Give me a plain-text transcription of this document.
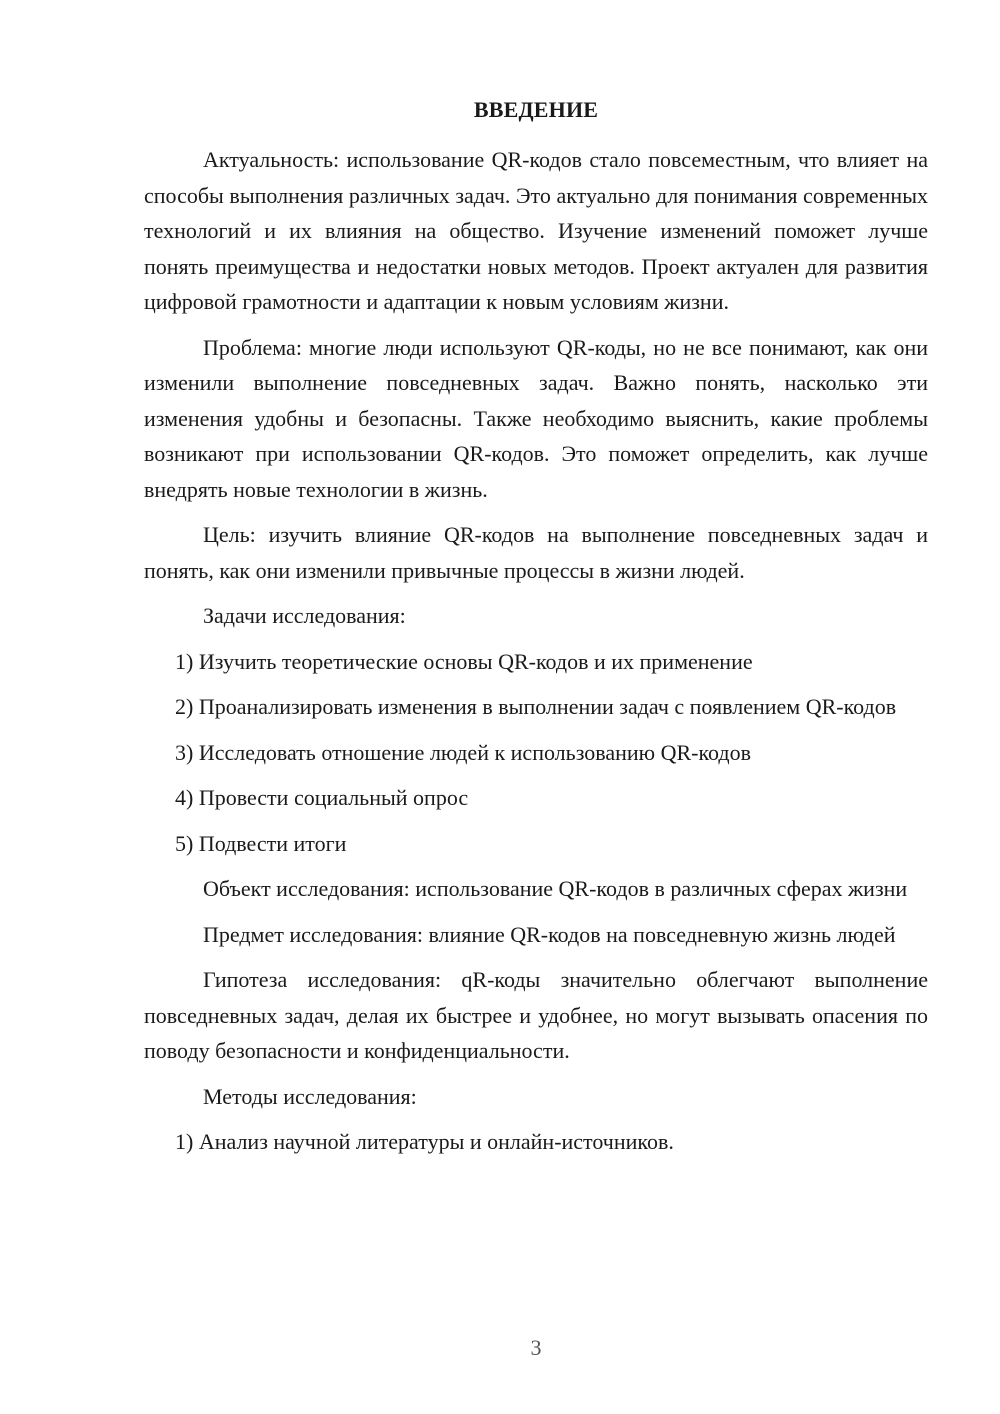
ВВЕДЕНИЕ

Актуальность: использование QR-кодов стало повсеместным, что влияет на способы выполнения различных задач. Это актуально для понимания современных технологий и их влияния на общество. Изучение изменений поможет лучше понять преимущества и недостатки новых методов. Проект актуален для развития цифровой грамотности и адаптации к новым условиям жизни.

Проблема: многие люди используют QR-коды, но не все понимают, как они изменили выполнение повседневных задач. Важно понять, насколько эти изменения удобны и безопасны. Также необходимо выяснить, какие проблемы возникают при использовании QR-кодов. Это поможет определить, как лучше внедрять новые технологии в жизнь.

Цель: изучить влияние QR-кодов на выполнение повседневных задач и понять, как они изменили привычные процессы в жизни людей.

Задачи исследования:

1) Изучить теоретические основы QR-кодов и их применение

2) Проанализировать изменения в выполнении задач с появлением QR-кодов

3) Исследовать отношение людей к использованию QR-кодов

4) Провести социальный опрос

5) Подвести итоги

Объект исследования: использование QR-кодов в различных сферах жизни

Предмет исследования: влияние QR-кодов на повседневную жизнь людей

Гипотеза исследования: qR-коды значительно облегчают выполнение повседневных задач, делая их быстрее и удобнее, но могут вызывать опасения по поводу безопасности и конфиденциальности.

Методы исследования:

1) Анализ научной литературы и онлайн-источников.

3
